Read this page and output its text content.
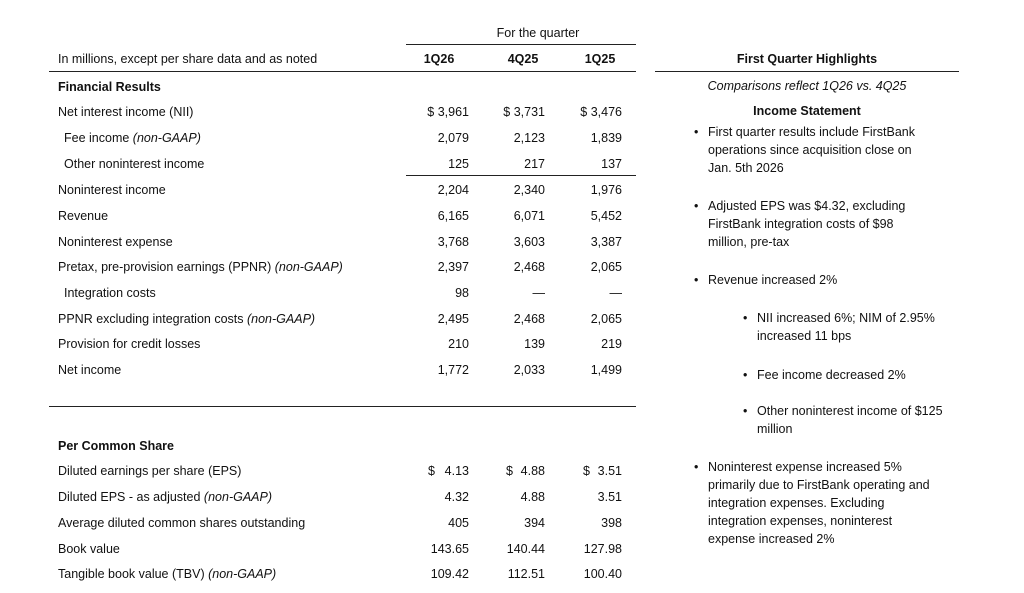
For the quarter
In millions, except per share data and as noted	1Q26	4Q25	1Q25
Financial Results
Net interest income (NII)	$ 3,961	$ 3,731	$ 3,476
Fee income (non-GAAP)	2,079	2,123	1,839
Other noninterest income	125	217	137
Noninterest income	2,204	2,340	1,976
Revenue	6,165	6,071	5,452
Noninterest expense	3,768	3,603	3,387
Pretax, pre-provision earnings (PPNR) (non-GAAP)	2,397	2,468	2,065
Integration costs	98	—	—
PPNR excluding integration costs (non-GAAP)	2,495	2,468	2,065
Provision for credit losses	210	139	219
Net income	1,772	2,033	1,499
Per Common Share
Diluted earnings per share (EPS)	$ 4.13	$ 4.88	$ 3.51
Diluted EPS - as adjusted (non-GAAP)	4.32	4.88	3.51
Average diluted common shares outstanding	405	394	398
Book value	143.65	140.44	127.98
Tangible book value (TBV) (non-GAAP)	109.42	112.51	100.40
First Quarter Highlights
Comparisons reflect 1Q26 vs. 4Q25
Income Statement
• First quarter results include FirstBank operations since acquisition close on Jan. 5th 2026
• Adjusted EPS was $4.32, excluding FirstBank integration costs of $98 million, pre-tax
• Revenue increased 2%
• NII increased 6%; NIM of 2.95% increased 11 bps
• Fee income decreased 2%
• Other noninterest income of $125 million
• Noninterest expense increased 5% primarily due to FirstBank operating and integration expenses. Excluding integration expenses, noninterest expense increased 2%
